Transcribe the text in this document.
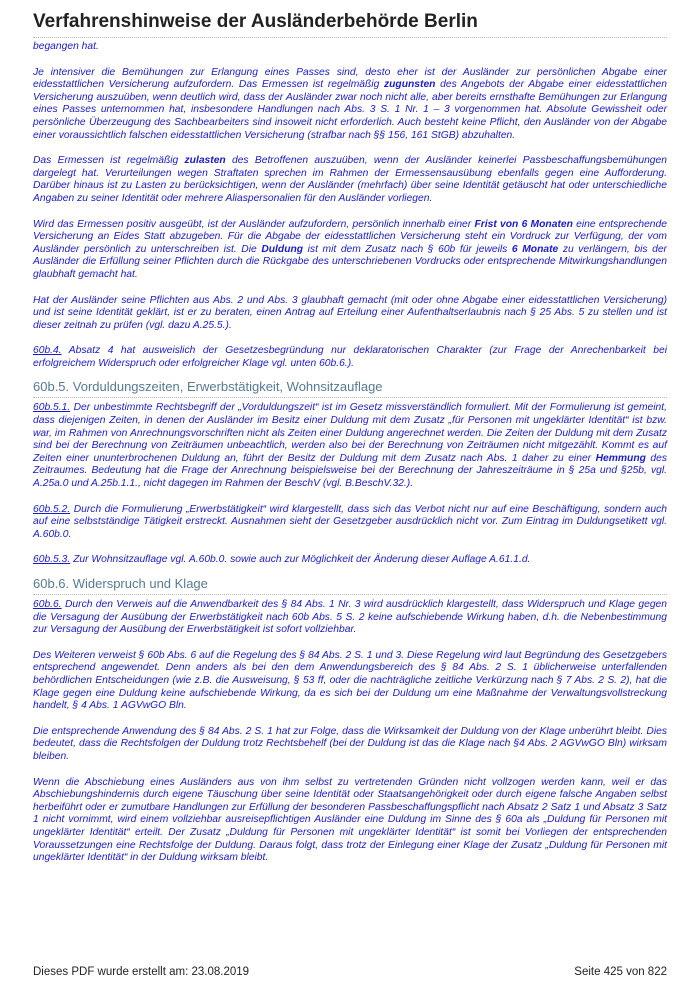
Verfahrenshinweise der Ausländerbehörde Berlin

begangen hat.

Je intensiver die Bemühungen zur Erlangung eines Passes sind, desto eher ist der Ausländer zur persönlichen Abgabe einer eidesstattlichen Versicherung aufzufordern. Das Ermessen ist regelmäßig zugunsten des Angebots der Abgabe einer eidesstattlichen Versicherung auszuüben, wenn deutlich wird, dass der Ausländer zwar noch nicht alle, aber bereits ernsthafte Bemühungen zur Erlangung eines Passes unternommen hat, insbesondere Handlungen nach Abs. 3 S. 1 Nr. 1 – 3 vorgenommen hat. Absolute Gewissheit oder persönliche Überzeugung des Sachbearbeiters sind insoweit nicht erforderlich. Auch besteht keine Pflicht, den Ausländer von der Abgabe einer voraussichtlich falschen eidesstattlichen Versicherung (strafbar nach §§ 156, 161 StGB) abzuhalten.

Das Ermessen ist regelmäßig zulasten des Betroffenen auszuüben, wenn der Ausländer keinerlei Passbeschaffungsbemühungen dargelegt hat. Verurteilungen wegen Straftaten sprechen im Rahmen der Ermessensausübung ebenfalls gegen eine Aufforderung. Darüber hinaus ist zu Lasten zu berücksichtigen, wenn der Ausländer (mehrfach) über seine Identität getäuscht hat oder unterschiedliche Angaben zu seiner Identität oder mehrere Aliaspersonalien für den Ausländer vorliegen.

Wird das Ermessen positiv ausgeübt, ist der Ausländer aufzufordern, persönlich innerhalb einer Frist von 6 Monaten eine entsprechende Versicherung an Eides Statt abzugeben. Für die Abgabe der eidesstattlichen Versicherung steht ein Vordruck zur Verfügung, der vom Ausländer persönlich zu unterschreiben ist. Die Duldung ist mit dem Zusatz nach § 60b für jeweils 6 Monate zu verlängern, bis der Ausländer die Erfüllung seiner Pflichten durch die Rückgabe des unterschriebenen Vordrucks oder entsprechende Mitwirkungshandlungen glaubhaft gemacht hat.

Hat der Ausländer seine Pflichten aus Abs. 2 und Abs. 3 glaubhaft gemacht (mit oder ohne Abgabe einer eidesstattlichen Versicherung) und ist seine Identität geklärt, ist er zu beraten, einen Antrag auf Erteilung einer Aufenthaltserlaubnis nach § 25 Abs. 5 zu stellen und ist dieser zeitnah zu prüfen (vgl. dazu A.25.5.).

60b.4. Absatz 4 hat ausweislich der Gesetzesbegründung nur deklaratorischen Charakter (zur Frage der Anrechenbarkeit bei erfolgreichem Widerspruch oder erfolgreicher Klage vgl. unten 60b.6.).

60b.5. Vorduldungszeiten, Erwerbstätigkeit, Wohnsitzauflage

60b.5.1. Der unbestimmte Rechtsbegriff der „Vorduldungszeit“ ist im Gesetz missverständlich formuliert. Mit der Formulierung ist gemeint, dass diejenigen Zeiten, in denen der Ausländer im Besitz einer Duldung mit dem Zusatz „für Personen mit ungeklärter Identität“ ist bzw. war, im Rahmen von Anrechnungsvorschriften nicht als Zeiten einer Duldung angerechnet werden. Die Zeiten der Duldung mit dem Zusatz sind bei der Berechnung von Zeiträumen unbeachtlich, werden also bei der Berechnung von Zeiträumen nicht mitgezählt. Kommt es auf Zeiten einer ununterbrochenen Duldung an, führt der Besitz der Duldung mit dem Zusatz nach Abs. 1 daher zu einer Hemmung des Zeitraumes. Bedeutung hat die Frage der Anrechnung beispielsweise bei der Berechnung der Jahreszeiträume in § 25a und §25b, vgl. A.25a.0 und A.25b.1.1., nicht dagegen im Rahmen der BeschV (vgl. B.BeschV.32.).

60b.5.2. Durch die Formulierung „Erwerbstätigkeit“ wird klargestellt, dass sich das Verbot nicht nur auf eine Beschäftigung, sondern auch auf eine selbstständige Tätigkeit erstreckt. Ausnahmen sieht der Gesetzgeber ausdrücklich nicht vor. Zum Eintrag im Duldungsetikett vgl. A.60b.0.

60b.5.3. Zur Wohnsitzauflage vgl. A.60b.0. sowie auch zur Möglichkeit der Änderung dieser Auflage A.61.1.d.

60b.6. Widerspruch und Klage

60b.6. Durch den Verweis auf die Anwendbarkeit des § 84 Abs. 1 Nr. 3 wird ausdrücklich klargestellt, dass Widerspruch und Klage gegen die Versagung der Ausübung der Erwerbstätigkeit nach 60b Abs. 5 S. 2 keine aufschiebende Wirkung haben, d.h. die Nebenbestimmung zur Versagung der Ausübung der Erwerbstätigkeit ist sofort vollziehbar.

Des Weiteren verweist § 60b Abs. 6 auf die Regelung des § 84 Abs. 2 S. 1 und 3. Diese Regelung wird laut Begründung des Gesetzgebers entsprechend angewendet. Denn anders als bei den dem Anwendungsbereich des § 84 Abs. 2 S. 1 üblicherweise unterfallenden behördlichen Entscheidungen (wie z.B. die Ausweisung, § 53 ff, oder die nachträgliche zeitliche Verkürzung nach § 7 Abs. 2 S. 2), hat die Klage gegen eine Duldung keine aufschiebende Wirkung, da es sich bei der Duldung um eine Maßnahme der Verwaltungsvollstreckung handelt, § 4 Abs. 1 AGVwGO Bln.

Die entsprechende Anwendung des § 84 Abs. 2 S. 1 hat zur Folge, dass die Wirksamkeit der Duldung von der Klage unberührt bleibt. Dies bedeutet, dass die Rechtsfolgen der Duldung trotz Rechtsbehelf (bei der Duldung ist das die Klage nach §4 Abs. 2 AGVwGO Bln) wirksam bleiben.

Wenn die Abschiebung eines Ausländers aus von ihm selbst zu vertretenden Gründen nicht vollzogen werden kann, weil er das Abschiebungshindernis durch eigene Täuschung über seine Identität oder Staatsangehörigkeit oder durch eigene falsche Angaben selbst herbeiführt oder er zumutbare Handlungen zur Erfüllung der besonderen Passbeschaffungspflicht nach Absatz 2 Satz 1 und Absatz 3 Satz 1 nicht vornimmt, wird einem vollziehbar ausreisepflichtigen Ausländer eine Duldung im Sinne des § 60a als „Duldung für Personen mit ungeklärter Identität“ erteilt. Der Zusatz „Duldung für Personen mit ungeklärter Identität“ ist somit bei Vorliegen der entsprechenden Voraussetzungen eine Rechtsfolge der Duldung. Daraus folgt, dass trotz der Einlegung einer Klage der Zusatz „Duldung für Personen mit ungeklärter Identität“ in der Duldung wirksam bleibt.

Dieses PDF wurde erstellt am: 23.08.2019	Seite 425 von 822
